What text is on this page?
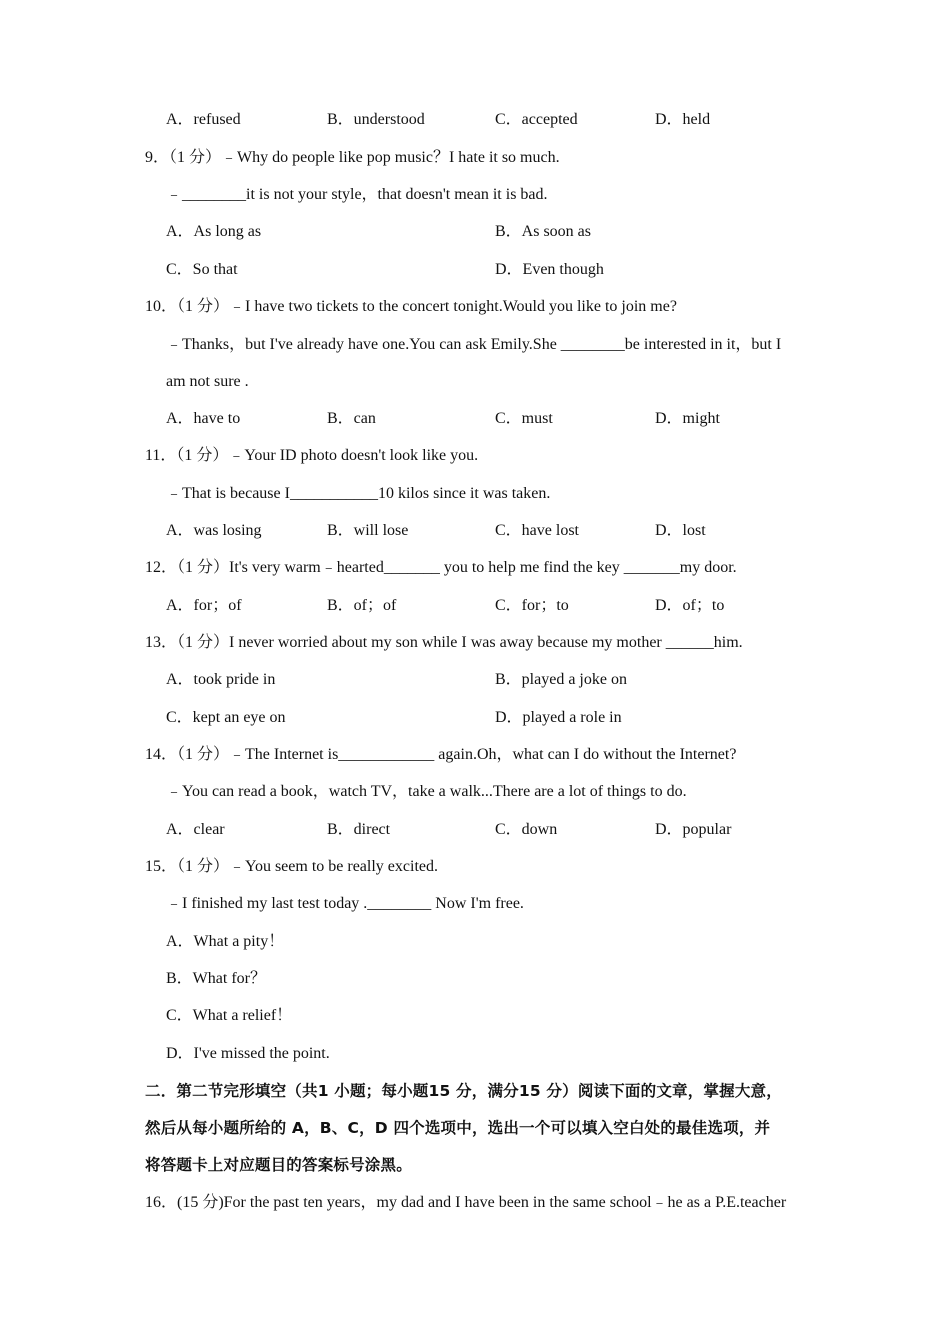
A．refused	B．understood	C．accepted	D．held
9．（1 分）﹣Why do people like pop music？I hate it so much.
﹣________it is not your style，that doesn't mean it is bad.
A．As long as	B．As soon as
C．So that	D．Even though
10．（1 分）﹣I have two tickets to the concert tonight.Would you like to join me?
﹣Thanks，but I've already have one.You can ask Emily.She ________be interested in it，but I
am not sure .
A．have to	B．can	C．must	D．might
11．（1 分）﹣Your ID photo doesn't look like you.
﹣That is because I___________10 kilos since it was taken.
A．was losing	B．will lose	C．have lost	D．lost
12．（1 分）It's very warm﹣hearted_______ you to help me find the key _______my door.
A．for；of	B．of；of	C．for；to	D．of；to
13．（1 分）I never worried about my son while I was away because my mother ______him.
A．took pride in	B．played a joke on
C．kept an eye on	D．played a role in
14．（1 分）﹣The Internet is____________ again.Oh，what can I do without the Internet?
﹣You can read a book，watch TV，take a walk...There are a lot of things to do.
A．clear	B．direct	C．down	D．popular
15．（1 分）﹣You seem to be really excited.
﹣I finished my last test today .________ Now I'm free.
A．What a pity！
B．What for？
C．What a relief！
D．I've missed the point.
二．第二节完形填空（共1 小题；每小题15 分，满分15 分）阅读下面的文章，掌握大意，
然后从每小题所给的 A，B、C，D 四个选项中，选出一个可以填入空白处的最佳选项，并
将答题卡上对应题目的答案标号涂黑。
16．(15 分)For the past ten years，my dad and I have been in the same school﹣he as a P.E.teacher
